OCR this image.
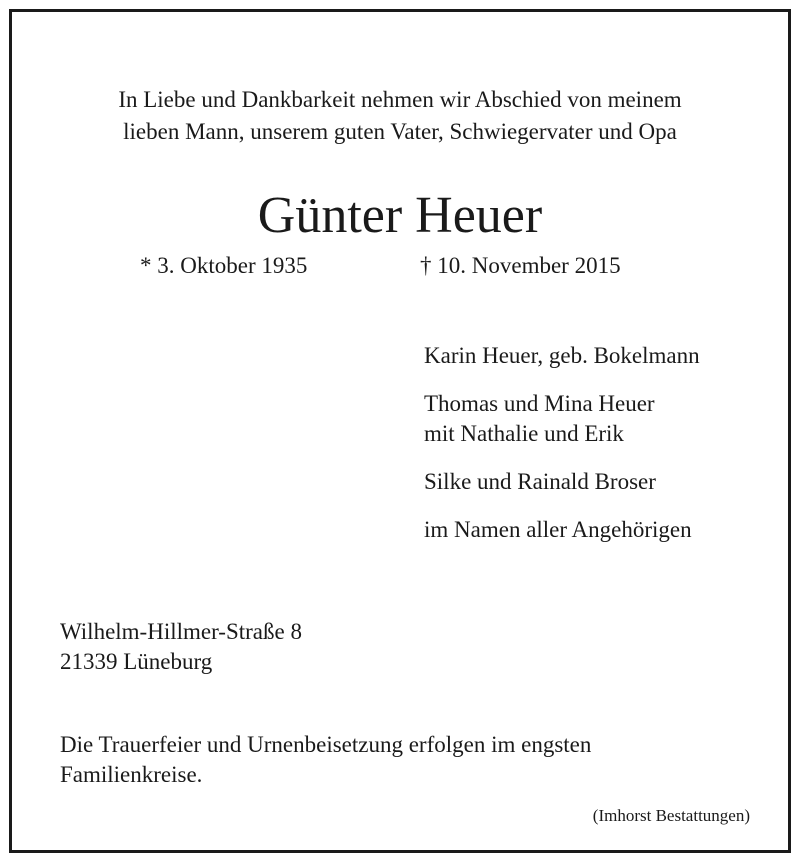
In Liebe und Dankbarkeit nehmen wir Abschied von meinem
lieben Mann, unserem guten Vater, Schwiegervater und Opa
Günter Heuer
* 3. Oktober 1935	† 10. November 2015
Karin Heuer, geb. Bokelmann
Thomas und Mina Heuer
mit Nathalie und Erik
Silke und Rainald Broser
im Namen aller Angehörigen
Wilhelm-Hillmer-Straße 8
21339 Lüneburg
Die Trauerfeier und Urnenbeisetzung erfolgen im engsten
Familienkreise.
(Imhorst Bestattungen)
